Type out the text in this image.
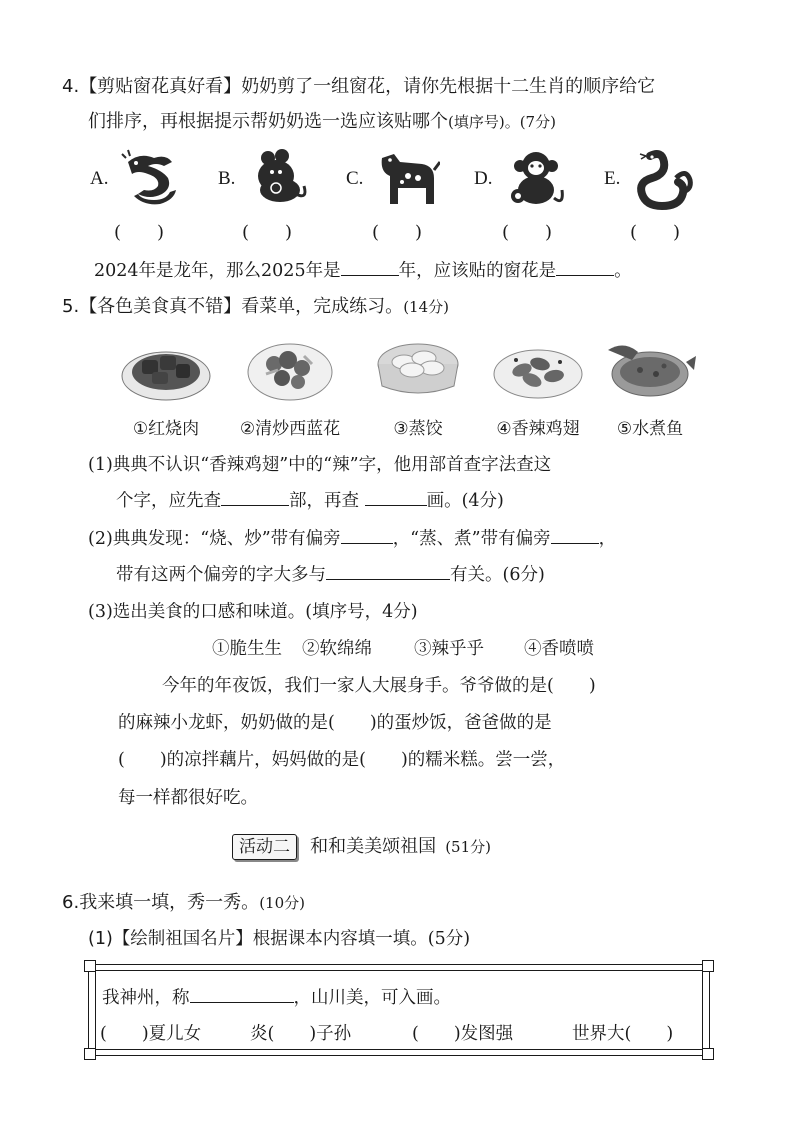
4.【剪贴窗花真好看】奶奶剪了一组窗花，请你先根据十二生肖的顺序给它
们排序，再根据提示帮奶奶选一选应该贴哪个(填序号)。(7分)
A.
(　　)
B.
(　　)
C.
(　　)
D.
(　　)
E.
(　　)
2024年是龙年，那么2025年是	年，应该贴的窗花是	。
5.【各色美食真不错】看菜单，完成练习。(14分)
①红烧肉	②清炒西蓝花	③蒸饺	④香辣鸡翅	⑤水煮鱼
(1)典典不认识“香辣鸡翅”中的“辣”字，他用部首查字法查这
个字，应先查	部，再查	画。(4分)
(2)典典发现：“烧、炒”带有偏旁	，“蒸、煮”带有偏旁	，
带有这两个偏旁的字大多与	有关。(6分)
(3)选出美食的口感和味道。(填序号，4分)
①脆生生 ②软绵绵 ③辣乎乎 ④香喷喷
今年的年夜饭，我们一家人大展身手。爷爷做的是(　　)
的麻辣小龙虾，奶奶做的是(　　)的蛋炒饭，爸爸做的是
(　　)的凉拌藕片，妈妈做的是(　　)的糯米糕。尝一尝，
每一样都很好吃。
活动二 和和美美颂祖国 (51分)
6.我来填一填，秀一秀。(10分)
(1)【绘制祖国名片】根据课本内容填一填。(5分)
我神州，称	，山川美，可入画。
(　　)夏儿女	炎(　　)子孙	(　　)发图强	世界大(　　)
